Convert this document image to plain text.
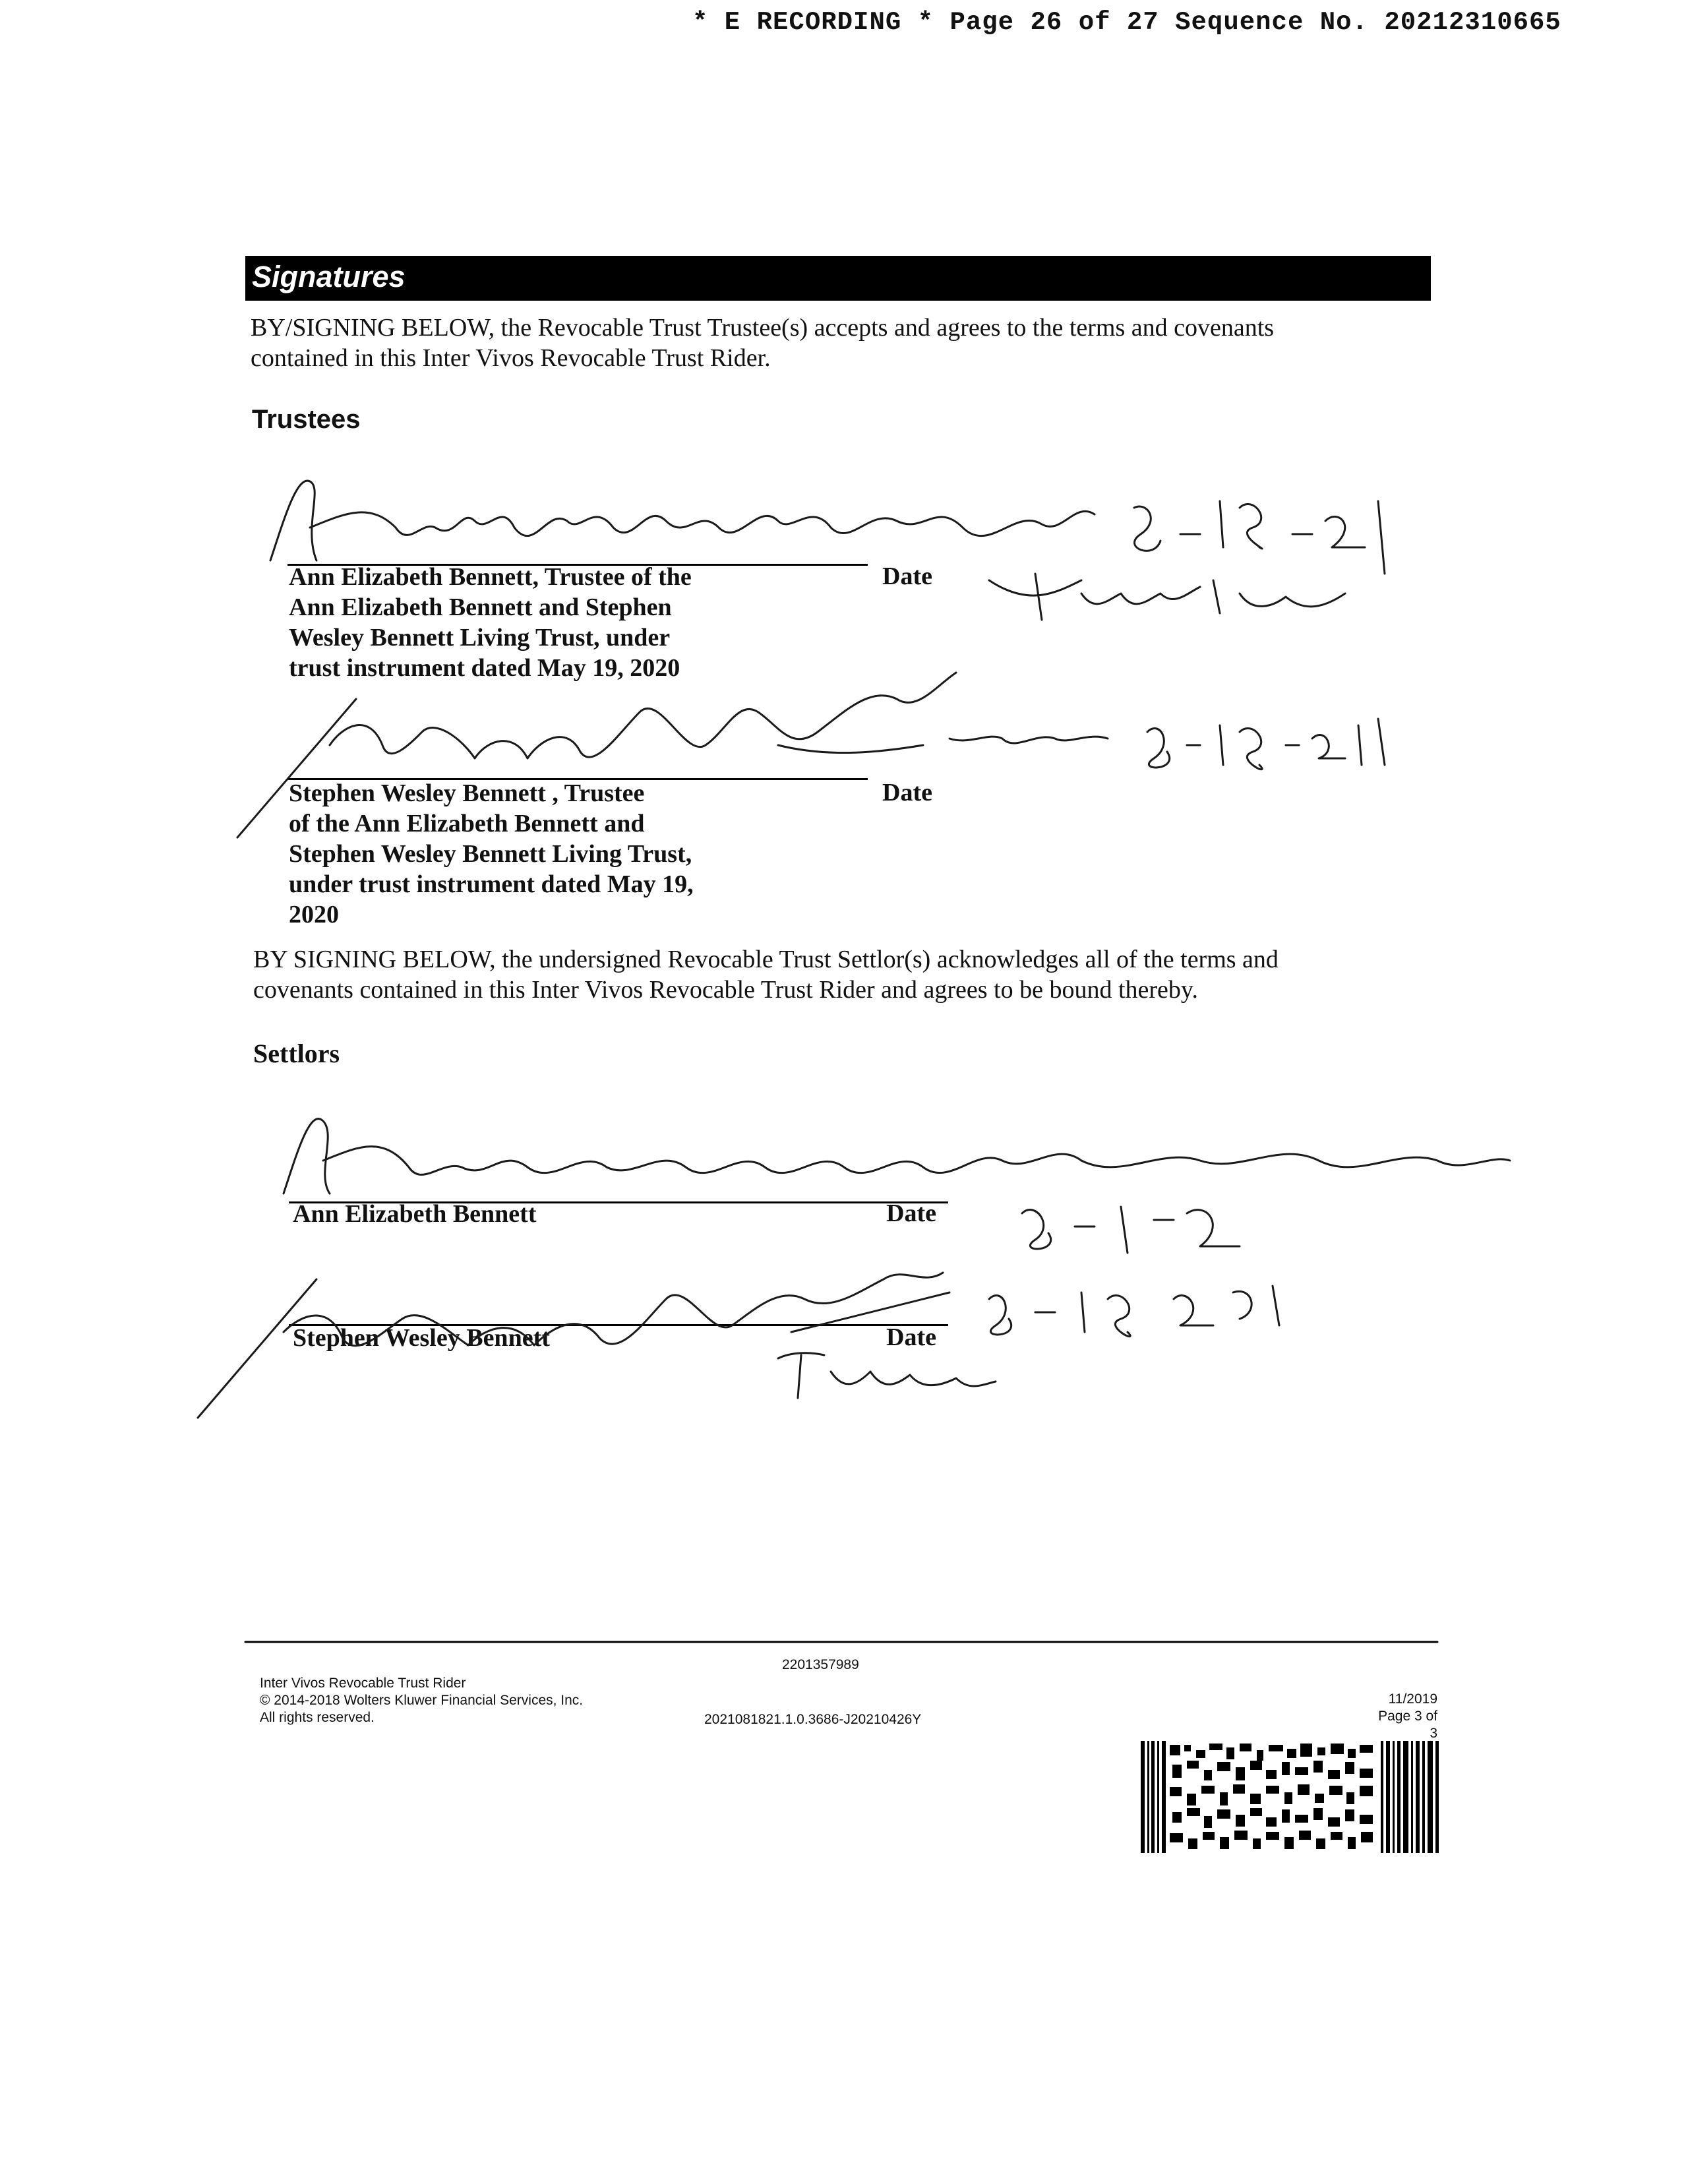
* E RECORDING * Page 26 of 27 Sequence No. 20212310665
Signatures
BY/SIGNING BELOW, the Revocable Trust Trustee(s) accepts and agrees to the terms and covenants
contained in this Inter Vivos Revocable Trust Rider.
Trustees
Ann Elizabeth Bennett, Trustee of the
Ann Elizabeth Bennett and Stephen
Wesley Bennett Living Trust, under
trust instrument dated May 19, 2020
Date
Stephen Wesley Bennett , Trustee
of the Ann Elizabeth Bennett and
Stephen Wesley Bennett Living Trust,
under trust instrument dated May 19,
2020
Date
BY SIGNING BELOW, the undersigned Revocable Trust Settlor(s) acknowledges all of the terms and
covenants contained in this Inter Vivos Revocable Trust Rider and agrees to be bound thereby.
Settlors
Ann Elizabeth Bennett	Date
Stephen Wesley Bennett	Date
Inter Vivos Revocable Trust Rider
© 2014-2018 Wolters Kluwer Financial Services, Inc.
All rights reserved.
2201357989
2021081821.1.0.3686-J20210426Y
11/2019
Page 3 of 3
